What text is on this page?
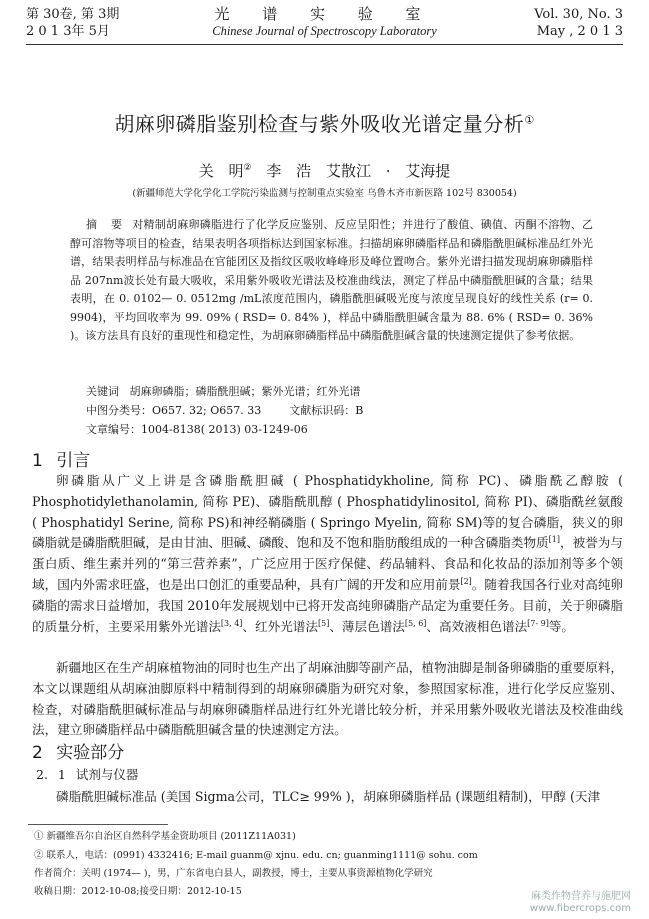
第 30卷, 第 3期
2 0 1 3年 5月
光 谱 实 验 室
Chinese Journal of Spectroscopy Laboratory
Vol. 30, No. 3
May , 2 0 1 3
胡麻卵磷脂鉴别检查与紫外吸收光谱定量分析①
关 明② 李 浩 艾散江 · 艾海提
(新疆师范大学化学化工学院污染监测与控制重点实验室 乌鲁木齐市新医路 102号 830054)
摘 要 对精制胡麻卵磷脂进行了化学反应鉴别、反应呈阳性；并进行了酸值、碘值、丙酮不溶物、乙醇可溶物等项目的检查，结果表明各项指标达到国家标准。扫描胡麻卵磷脂样品和磷脂酰胆碱标准品红外光谱，结果表明样品与标准品在官能团区及指纹区吸收峰峰形及峰位置吻合。紫外光谱扫描发现胡麻卵磷脂样品 207nm波长处有最大吸收，采用紫外吸收光谱法及校准曲线法，测定了样品中磷脂酰胆碱的含量；结果表明，在 0. 0102— 0. 0512mg /mL浓度范围内，磷脂酰胆碱吸光度与浓度呈现良好的线性关系 (r= 0. 9904)，平均回收率为 99. 09% ( RSD= 0. 84% )，样品中磷脂酰胆碱含量为 88. 6% ( RSD= 0. 36% )。该方法具有良好的重现性和稳定性，为胡麻卵磷脂样品中磷脂酰胆碱含量的快速测定提供了参考依据。
关键词 胡麻卵磷脂；磷脂酰胆碱；紫外光谱；红外光谱
中图分类号：O657. 32; O657. 33	文献标识码：B        文章编号：1004-8138( 2013) 03-1249-06
1 引言
卵磷脂从广义上讲是含磷脂酰胆碱 ( Phosphatidykholine, 简称 PC)、磷脂酰乙醇胺 ( Phosphotidylethanolamin, 简称 PE)、磷脂酰肌醇 ( Phosphatidylinositol, 简称 PI)、磷脂酰丝氨酸 ( Phosphatidyl Serine, 简称 PS)和神经鞘磷脂 ( Springo Myelin, 简称 SM)等的复合磷脂，狭义的卵磷脂就是磷脂酰胆碱，是由甘油、胆碱、磷酸、饱和及不饱和脂肪酸组成的一种含磷脂类物质[1]，被誉为与蛋白质、维生素并列的“第三营养素”，广泛应用于医疗保健、药品辅料、食品和化妆品的添加剂等多个领域，国内外需求旺盛，也是出口创汇的重要品种，具有广阔的开发和应用前景[2]。随着我国各行业对高纯卵磷脂的需求日益增加，我国 2010年发展规划中已将开发高纯卵磷脂产品定为重要任务。目前，关于卵磷脂的质量分析，主要采用紫外光谱法[3, 4]、红外光谱法[5]、薄层色谱法[5, 6]、高效液相色谱法[7- 9]等。
新疆地区在生产胡麻植物油的同时也生产出了胡麻油脚等副产品，植物油脚是制备卵磷脂的重要原料，本文以课题组从胡麻油脚原料中精制得到的胡麻卵磷脂为研究对象，参照国家标准，进行化学反应鉴别、检查，对磷脂酰胆碱标准品与胡麻卵磷脂样品进行红外光谱比较分析，并采用紫外吸收光谱法及校准曲线法，建立卵磷脂样品中磷脂酰胆碱含量的快速测定方法。
2 实验部分
2. 1 试剂与仪器
磷脂酰胆碱标准品 (美国 Sigma公司，TLC≥ 99% )，胡麻卵磷脂样品 (课题组精制)，甲醇 (天津
① 新疆维吾尔自治区自然科学基金资助项目 (2011Z11A031)
② 联系人，电话：(0991) 4332416; E-mail guanm@ xjnu. edu. cn; guanming1111@ sohu. com
作者简介：关明 (1974— )，男，广东省电白县人，副教授，博士，主要从事资源植物化学研究
收稿日期：2012-10-08;接受日期：2012-10-15	麻类作物营养与施肥网
www.fibercrops.com
